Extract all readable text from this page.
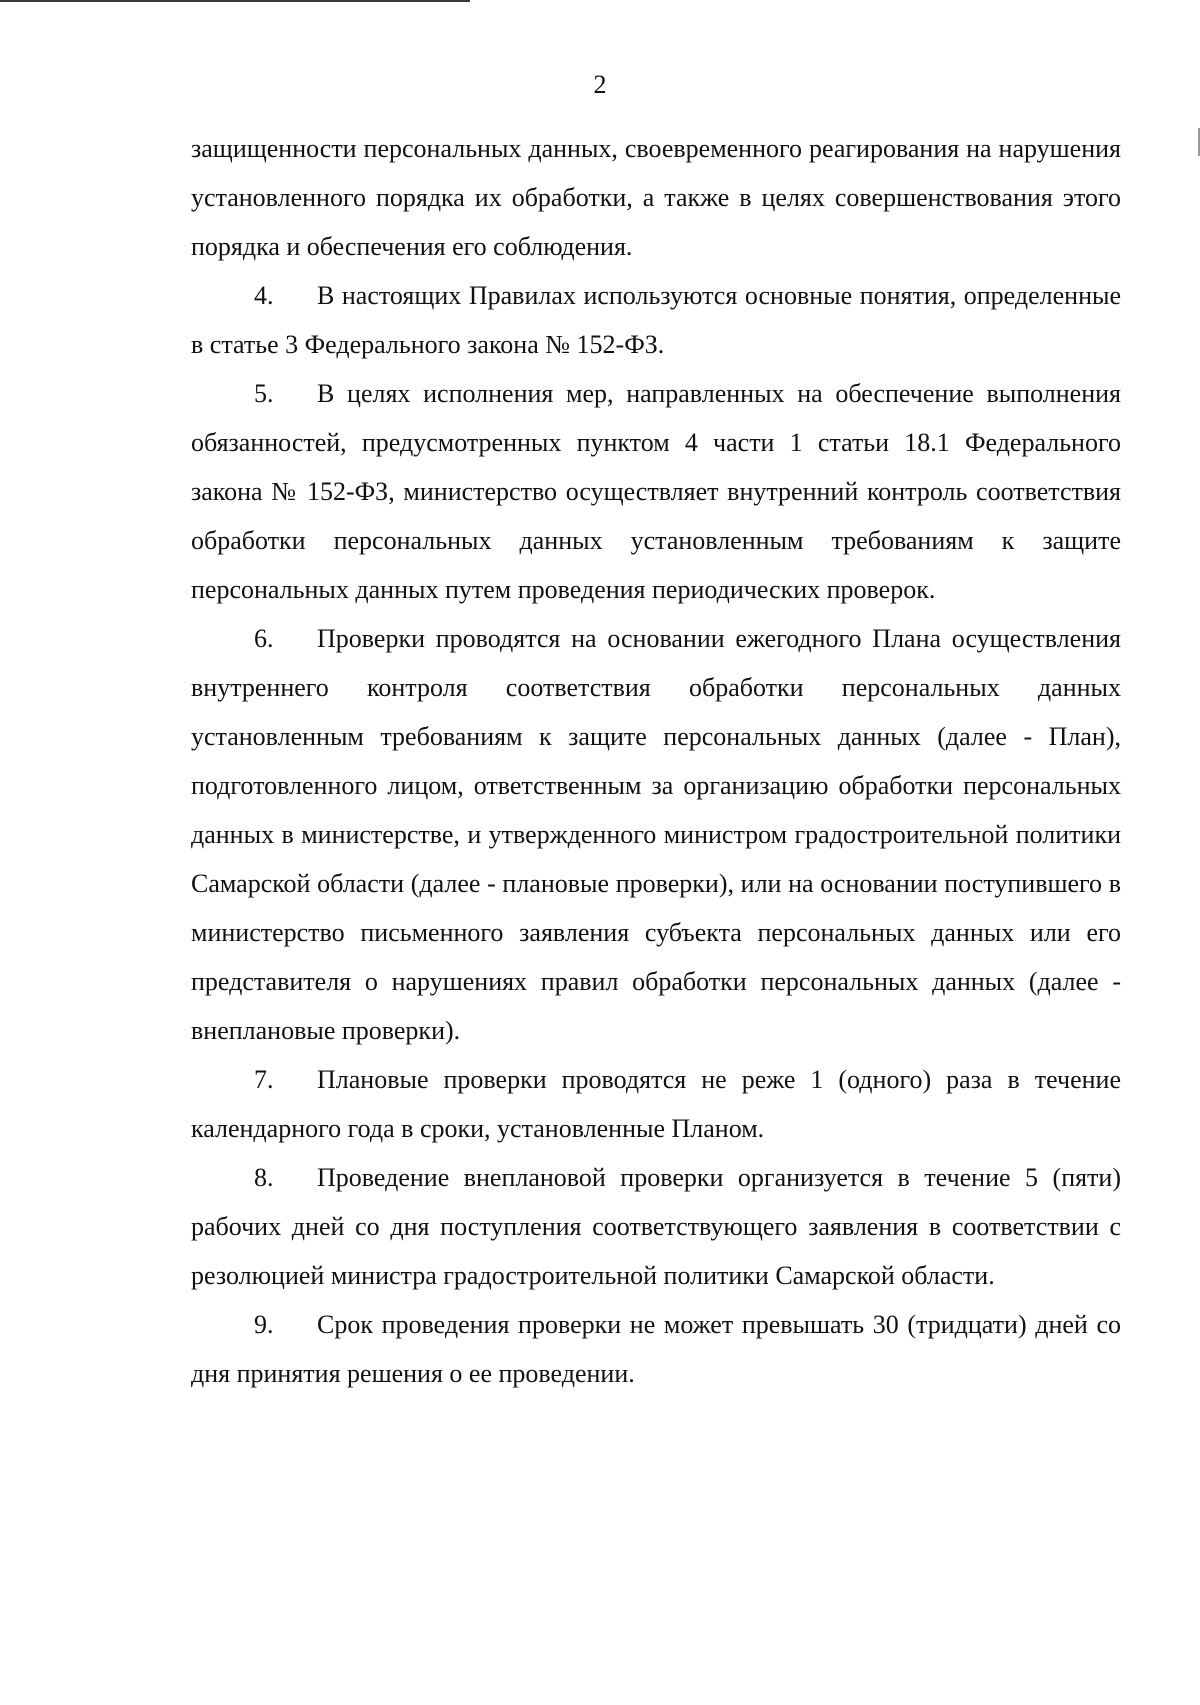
2

защищенности персональных данных, своевременного реагирования на нарушения установленного порядка их обработки, а также в целях совершенствования этого порядка и обеспечения его соблюдения.

4. В настоящих Правилах используются основные понятия, определенные в статье 3 Федерального закона № 152-ФЗ.

5. В целях исполнения мер, направленных на обеспечение выполнения обязанностей, предусмотренных пунктом 4 части 1 статьи 18.1 Федерального закона № 152-ФЗ, министерство осуществляет внутренний контроль соответствия обработки персональных данных установленным требованиям к защите персональных данных путем проведения периодических проверок.

6. Проверки проводятся на основании ежегодного Плана осуществления внутреннего контроля соответствия обработки персональных данных установленным требованиям к защите персональных данных (далее - План), подготовленного лицом, ответственным за организацию обработки персональных данных в министерстве, и утвержденного министром градостроительной политики Самарской области (далее - плановые проверки), или на основании поступившего в министерство письменного заявления субъекта персональных данных или его представителя о нарушениях правил обработки персональных данных (далее - внеплановые проверки).

7. Плановые проверки проводятся не реже 1 (одного) раза в течение календарного года в сроки, установленные Планом.

8. Проведение внеплановой проверки организуется в течение 5 (пяти) рабочих дней со дня поступления соответствующего заявления в соответствии с резолюцией министра градостроительной политики Самарской области.

9. Срок проведения проверки не может превышать 30 (тридцати) дней со дня принятия решения о ее проведении.
